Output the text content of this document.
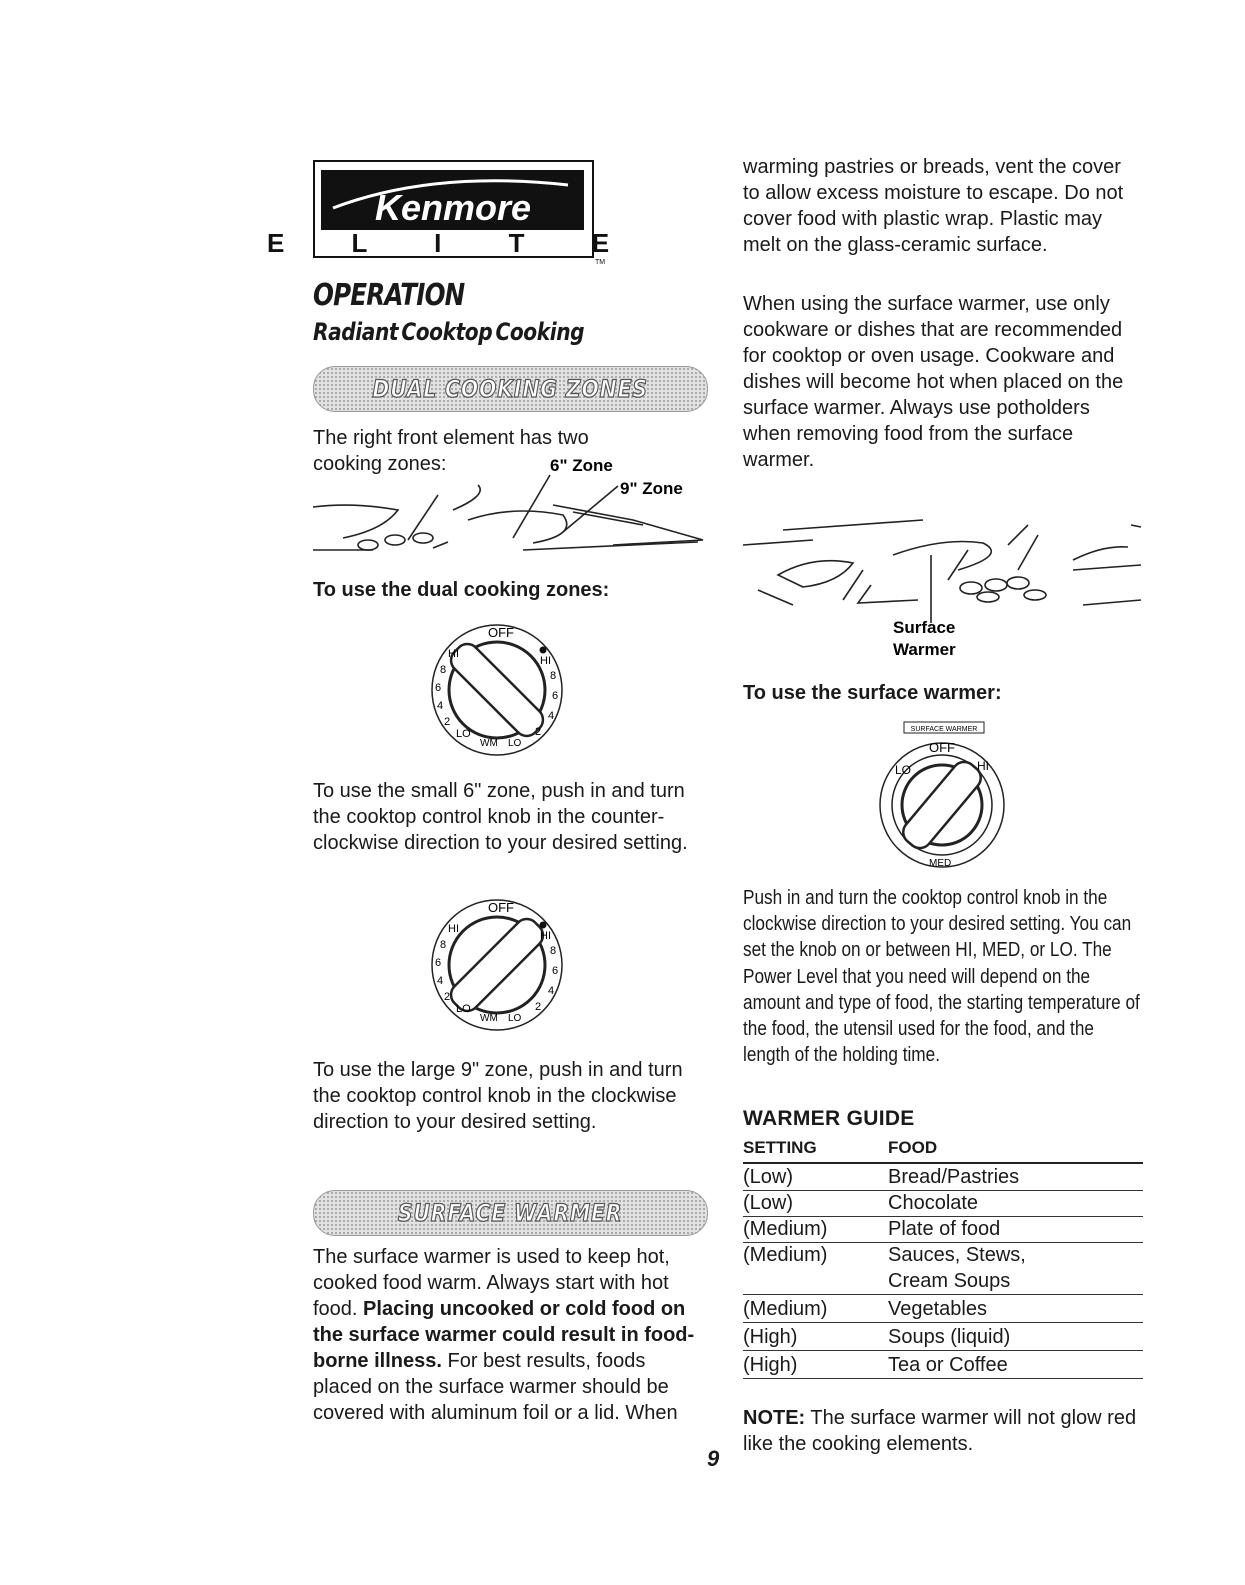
Kenmore
E L I T E
TM
OPERATION
Radiant Cooktop Cooking
DUAL COOKING ZONES
The right front element has two cooking zones:	6" Zone
9" Zone
To use the dual cooking zones:
OFF
HI
HI
8	8
6
6
4
4
2
2
LO
WM LO
To use the small 6" zone, push in and turn the cooktop control knob in the counter-clockwise direction to your desired setting.
OFF
HI
HI
8	8
6
6
4
4
2
2
LO
WM LO
To use the large 9" zone, push in and turn the cooktop control knob in the clockwise direction to your desired setting.
SURFACE WARMER
The surface warmer is used to keep hot, cooked food warm. Always start with hot food. Placing uncooked or cold food on the surface warmer could result in food-borne illness. For best results, foods placed on the surface warmer should be covered with aluminum foil or a lid. When
warming pastries or breads, vent the cover to allow excess moisture to escape. Do not cover food with plastic wrap. Plastic may melt on the glass-ceramic surface.
When using the surface warmer, use only cookware or dishes that are recommended for cooktop or oven usage. Cookware and dishes will become hot when placed on the surface warmer. Always use potholders when removing food from the surface warmer.
Surface
Warmer
To use the surface warmer:
SURFACE WARMER
OFF
LO	HI
MED
Push in and turn the cooktop control knob in the clockwise direction to your desired setting. You can set the knob on or between HI, MED, or LO. The Power Level that you need will depend on the amount and type of food, the starting temperature of the food, the utensil used for the food, and the length of the holding time.
WARMER GUIDE
SETTING	FOOD
(Low)	Bread/Pastries
(Low)	Chocolate
(Medium)	Plate of food
(Medium)	Sauces, Stews,
Cream Soups
(Medium)	Vegetables
(High)	Soups (liquid)
(High)	Tea or Coffee
NOTE: The surface warmer will not glow red like the cooking elements.
9
